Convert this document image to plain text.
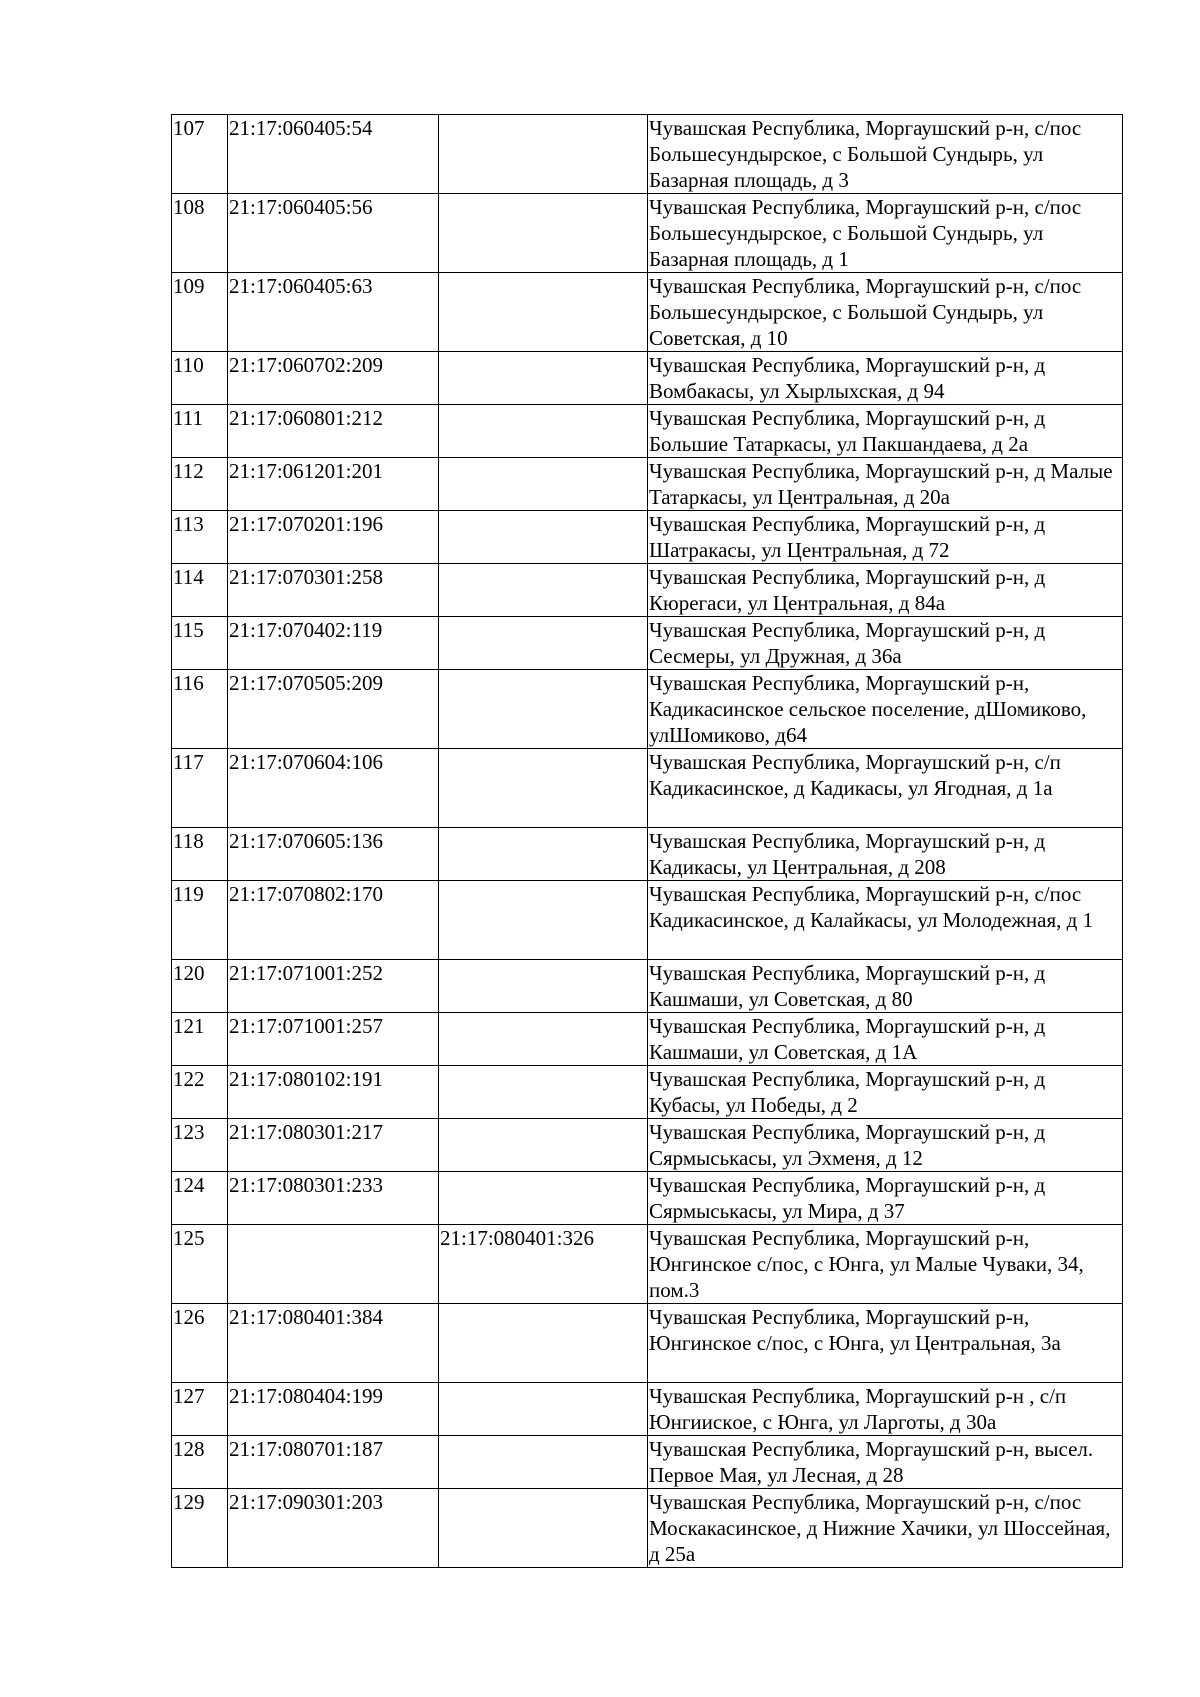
107	21:17:060405:54		Чувашская Республика, Моргаушский р-н, с/пос Большесундырское, с Большой Сундырь, ул Базарная площадь, д 3
108	21:17:060405:56		Чувашская Республика, Моргаушский р-н, с/пос Большесундырское, с Большой Сундырь, ул Базарная площадь, д 1
109	21:17:060405:63		Чувашская Республика, Моргаушский р-н, с/пос Большесундырское, с Большой Сундырь, ул Советская, д 10
110	21:17:060702:209		Чувашская Республика, Моргаушский р-н, д Вомбакасы, ул Хырлыхская, д 94
111	21:17:060801:212		Чувашская Республика, Моргаушский р-н, д Большие Татаркасы, ул Пакшандаева, д 2а
112	21:17:061201:201		Чувашская Республика, Моргаушский р-н, д Малые Татаркасы, ул Центральная, д 20а
113	21:17:070201:196		Чувашская Республика, Моргаушский р-н, д Шатракасы, ул Центральная, д 72
114	21:17:070301:258		Чувашская Республика, Моргаушский р-н, д Кюрегаси, ул Центральная, д 84а
115	21:17:070402:119		Чувашская Республика, Моргаушский р-н, д Сесмеры, ул Дружная, д 36а
116	21:17:070505:209		Чувашская Республика, Моргаушский р-н, Кадикасинское сельское поселение, дШомиково, улШомиково, д64
117	21:17:070604:106		Чувашская Республика, Моргаушский р-н, с/п Кадикасинское, д Кадикасы, ул Ягодная, д 1а
118	21:17:070605:136		Чувашская Республика, Моргаушский р-н, д Кадикасы, ул Центральная, д 208
119	21:17:070802:170		Чувашская Республика, Моргаушский р-н, с/пос Кадикасинское, д Калайкасы, ул Молодежная, д 1
120	21:17:071001:252		Чувашская Республика, Моргаушский р-н, д Кашмаши, ул Советская, д 80
121	21:17:071001:257		Чувашская Республика, Моргаушский р-н, д Кашмаши, ул Советская, д 1А
122	21:17:080102:191		Чувашская Республика, Моргаушский р-н, д Кубасы, ул Победы, д 2
123	21:17:080301:217		Чувашская Республика, Моргаушский р-н, д Сярмыськасы, ул Эхменя, д 12
124	21:17:080301:233		Чувашская Республика, Моргаушский р-н, д Сярмыськасы, ул Мира, д 37
125		21:17:080401:326	Чувашская Республика, Моргаушский р-н, Юнгинское с/пос, с Юнга, ул Малые Чуваки, 34, пом.3
126	21:17:080401:384		Чувашская Республика, Моргаушский р-н, Юнгинское с/пос, с Юнга, ул Центральная, 3а
127	21:17:080404:199		Чувашская Республика, Моргаушский р-н , с/п Юнгиискoe, с Юнга, ул Ларготы, д 30а
128	21:17:080701:187		Чувашская Республика, Моргаушский р-н, высел. Первое Мая, ул Лесная, д 28
129	21:17:090301:203		Чувашская Республика, Моргаушский р-н, с/пос Москакасинское, д Нижние Хачики, ул Шоссейная, д 25а
